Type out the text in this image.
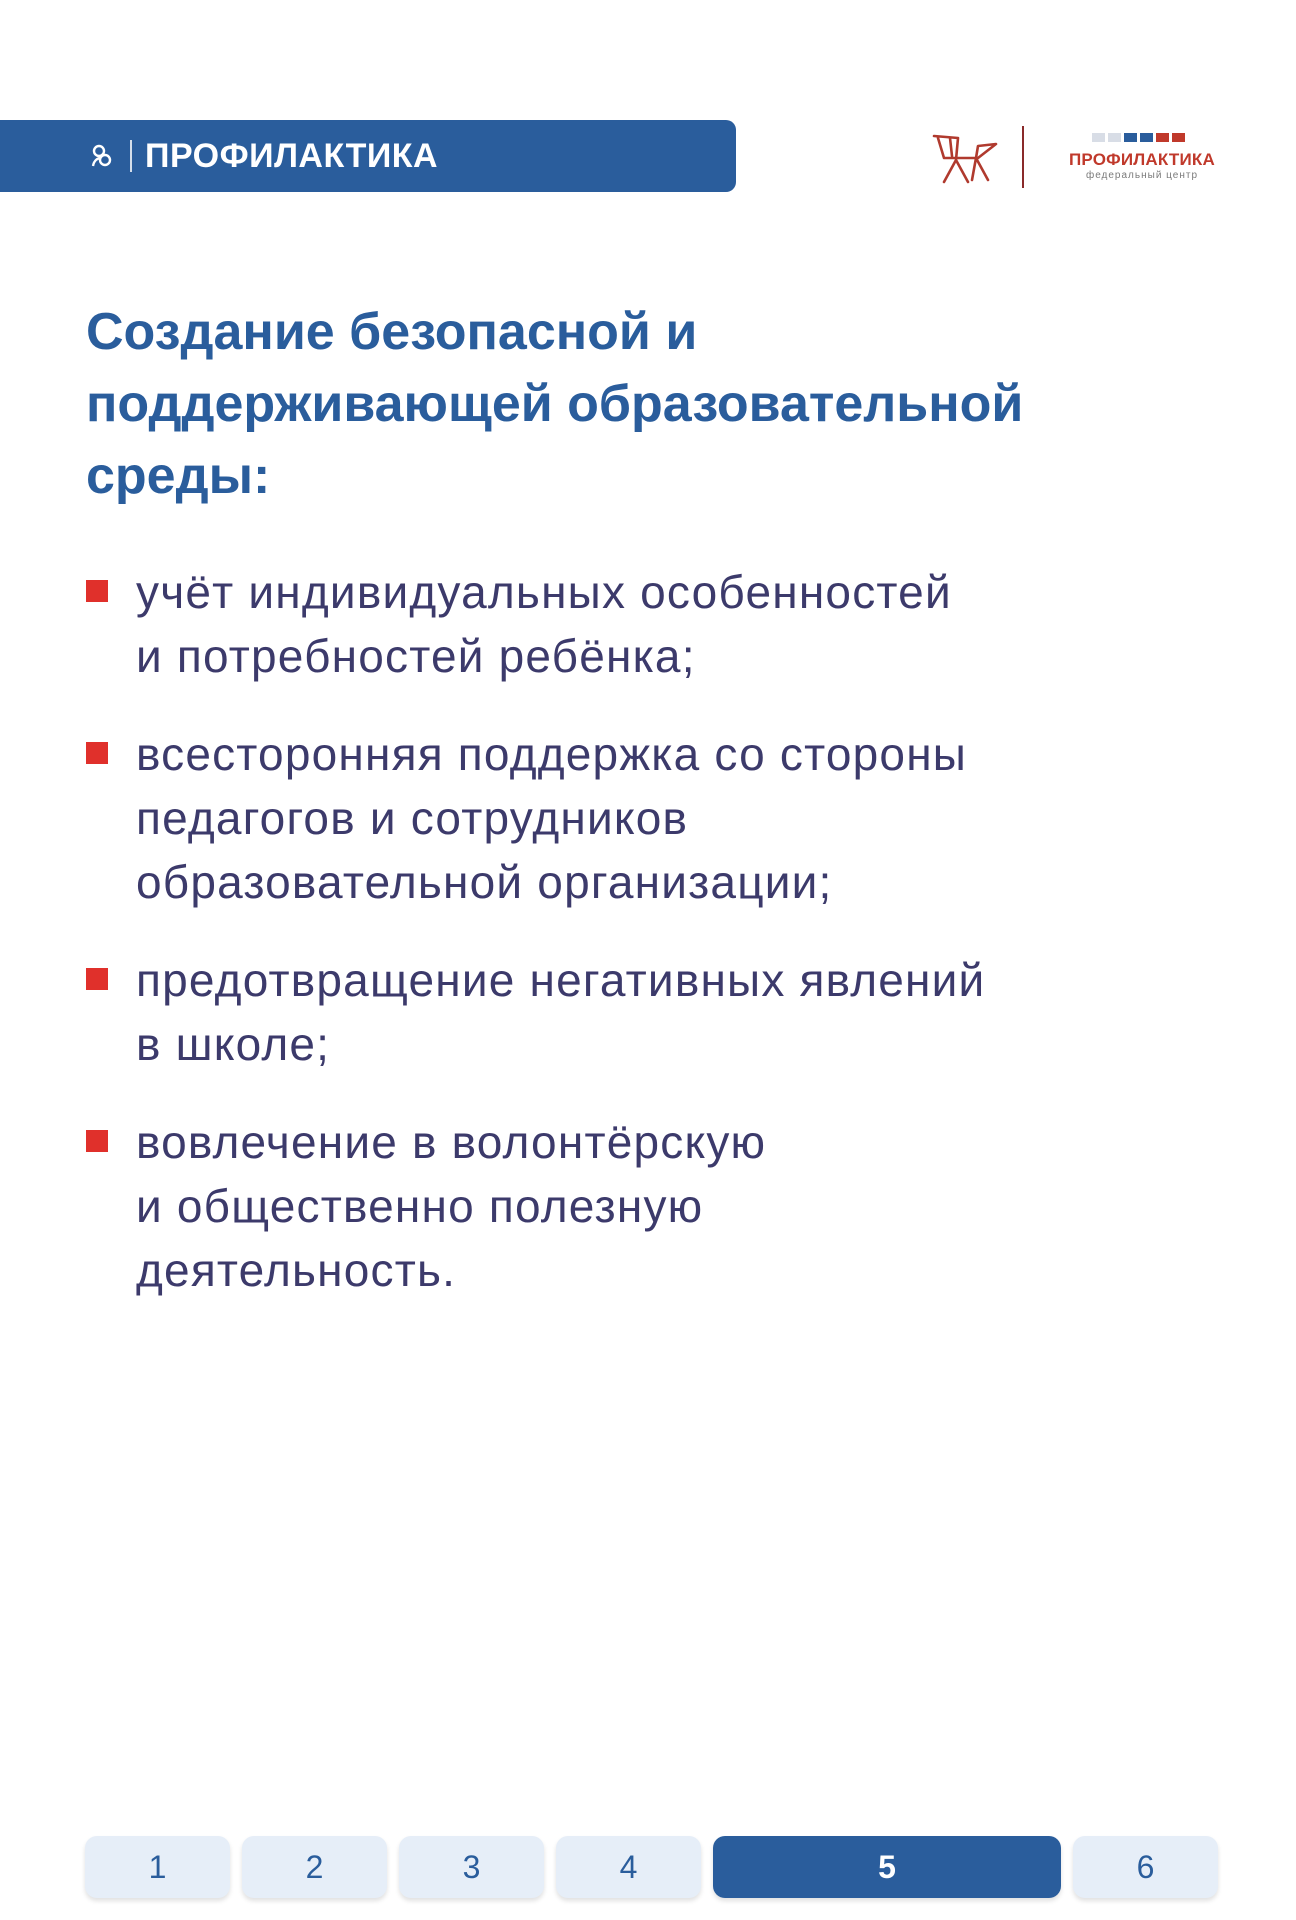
ПРОФИЛАКТИКА	ПРОФИЛАКТИКА
федеральный центр
Создание безопасной и
поддерживающей образовательной
среды:
учёт индивидуальных особенностей
и потребностей ребёнка;
всесторонняя поддержка со стороны
педагогов и сотрудников
образовательной организации;
предотвращение негативных явлений
в школе;
вовлечение в волонтёрскую
и общественно полезную
деятельность.
1	2	3	4	5	6
